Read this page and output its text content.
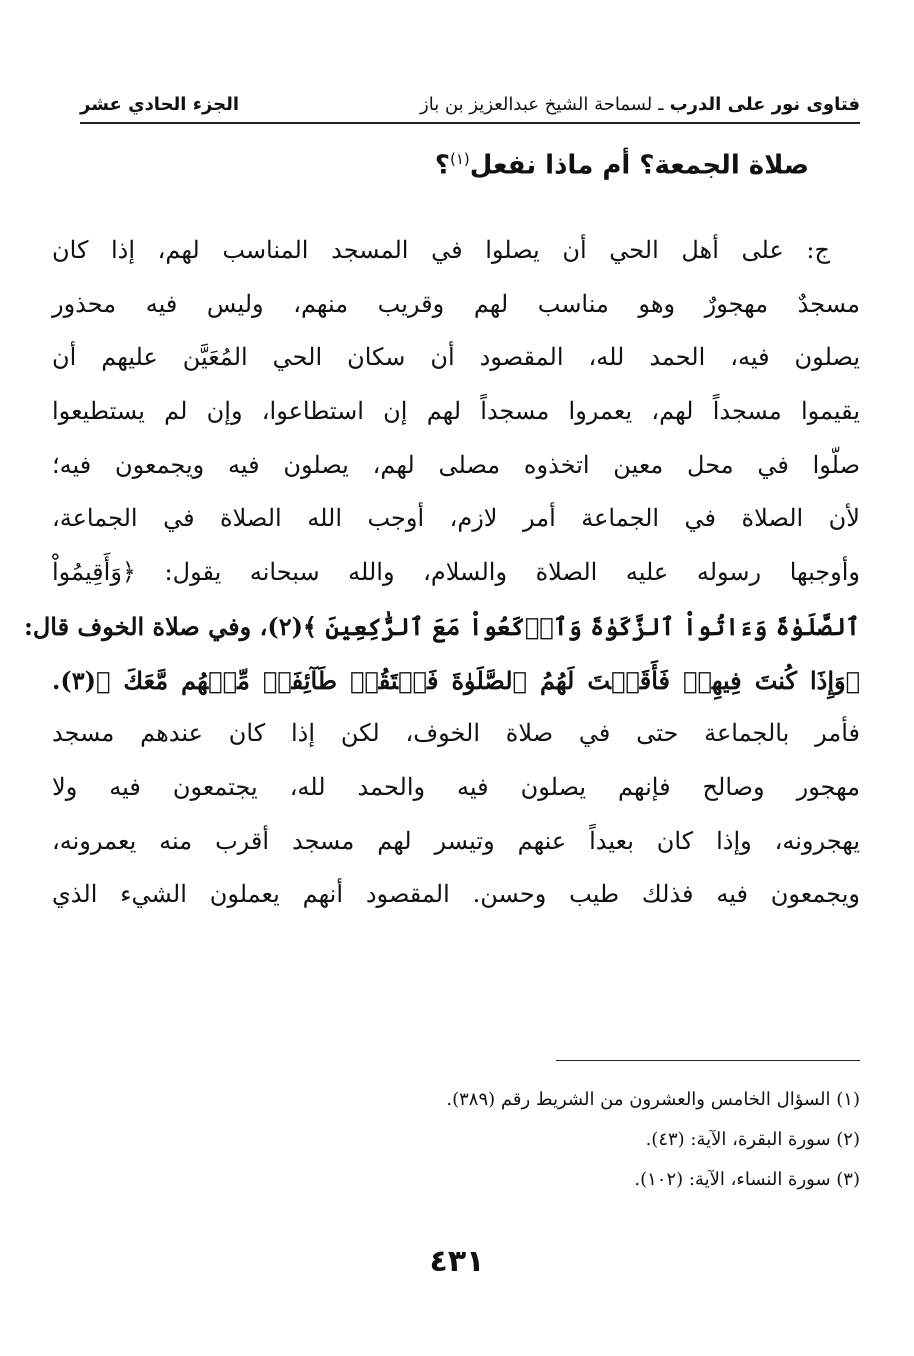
فتاوى نور على الدرب
ـ
لسماحة الشيخ عبدالعزيز بن باز
الجزء الحادي عشر
صلاة الجمعة؟ أم ماذا نفعل$^{(١)}$؟
ج: على أهل الحي أن يصلوا في المسجد المناسب لهم، إذا كان
مسجدٌ مهجورٌ وهو مناسب لهم وقريب منهم، وليس فيه محذور
يصلون فيه، الحمد لله، المقصود أن سكان الحي المُعَيَّن عليهم أن
يقيموا مسجداً لهم، يعمروا مسجداً لهم إن استطاعوا، وإن لم يستطيعوا
صلّوا في محل معين اتخذوه مصلى لهم، يصلون فيه ويجمعون فيه؛
لأن الصلاة في الجماعة أمر لازم، أوجب الله الصلاة في الجماعة،
وأوجبها رسوله عليه الصلاة والسلام، والله سبحانه يقول: ﴿وَأَقِيمُواْ
ٱلصَّلَوٰةَ وَءَاتُواْ ٱلزَّكَوٰةَ وَٱرۡكَعُواْ مَعَ ٱلرَّٰكِعِينَ ﴾(٢)، وفي صلاة الخوف قال:
﴿وَإِذَا كُنتَ فِيهِمۡ فَأَقَمۡتَ لَهُمُ ٱلصَّلَوٰةَ فَلۡتَقُمۡ طَآئِفَةٞ مِّنۡهُم مَّعَكَ ﴾(٣).
فأمر بالجماعة حتى في صلاة الخوف، لكن إذا كان عندهم مسجد
مهجور وصالح فإنهم يصلون فيه والحمد لله، يجتمعون فيه ولا
يهجرونه، وإذا كان بعيداً عنهم وتيسر لهم مسجد أقرب منه يعمرونه،
ويجمعون فيه فذلك طيب وحسن. المقصود أنهم يعملون الشيء الذي
(١) السؤال الخامس والعشرون من الشريط رقم (٣٨٩).
(٢) سورة البقرة، الآية: (٤٣).
(٣) سورة النساء، الآية: (١٠٢).
٤٣١
